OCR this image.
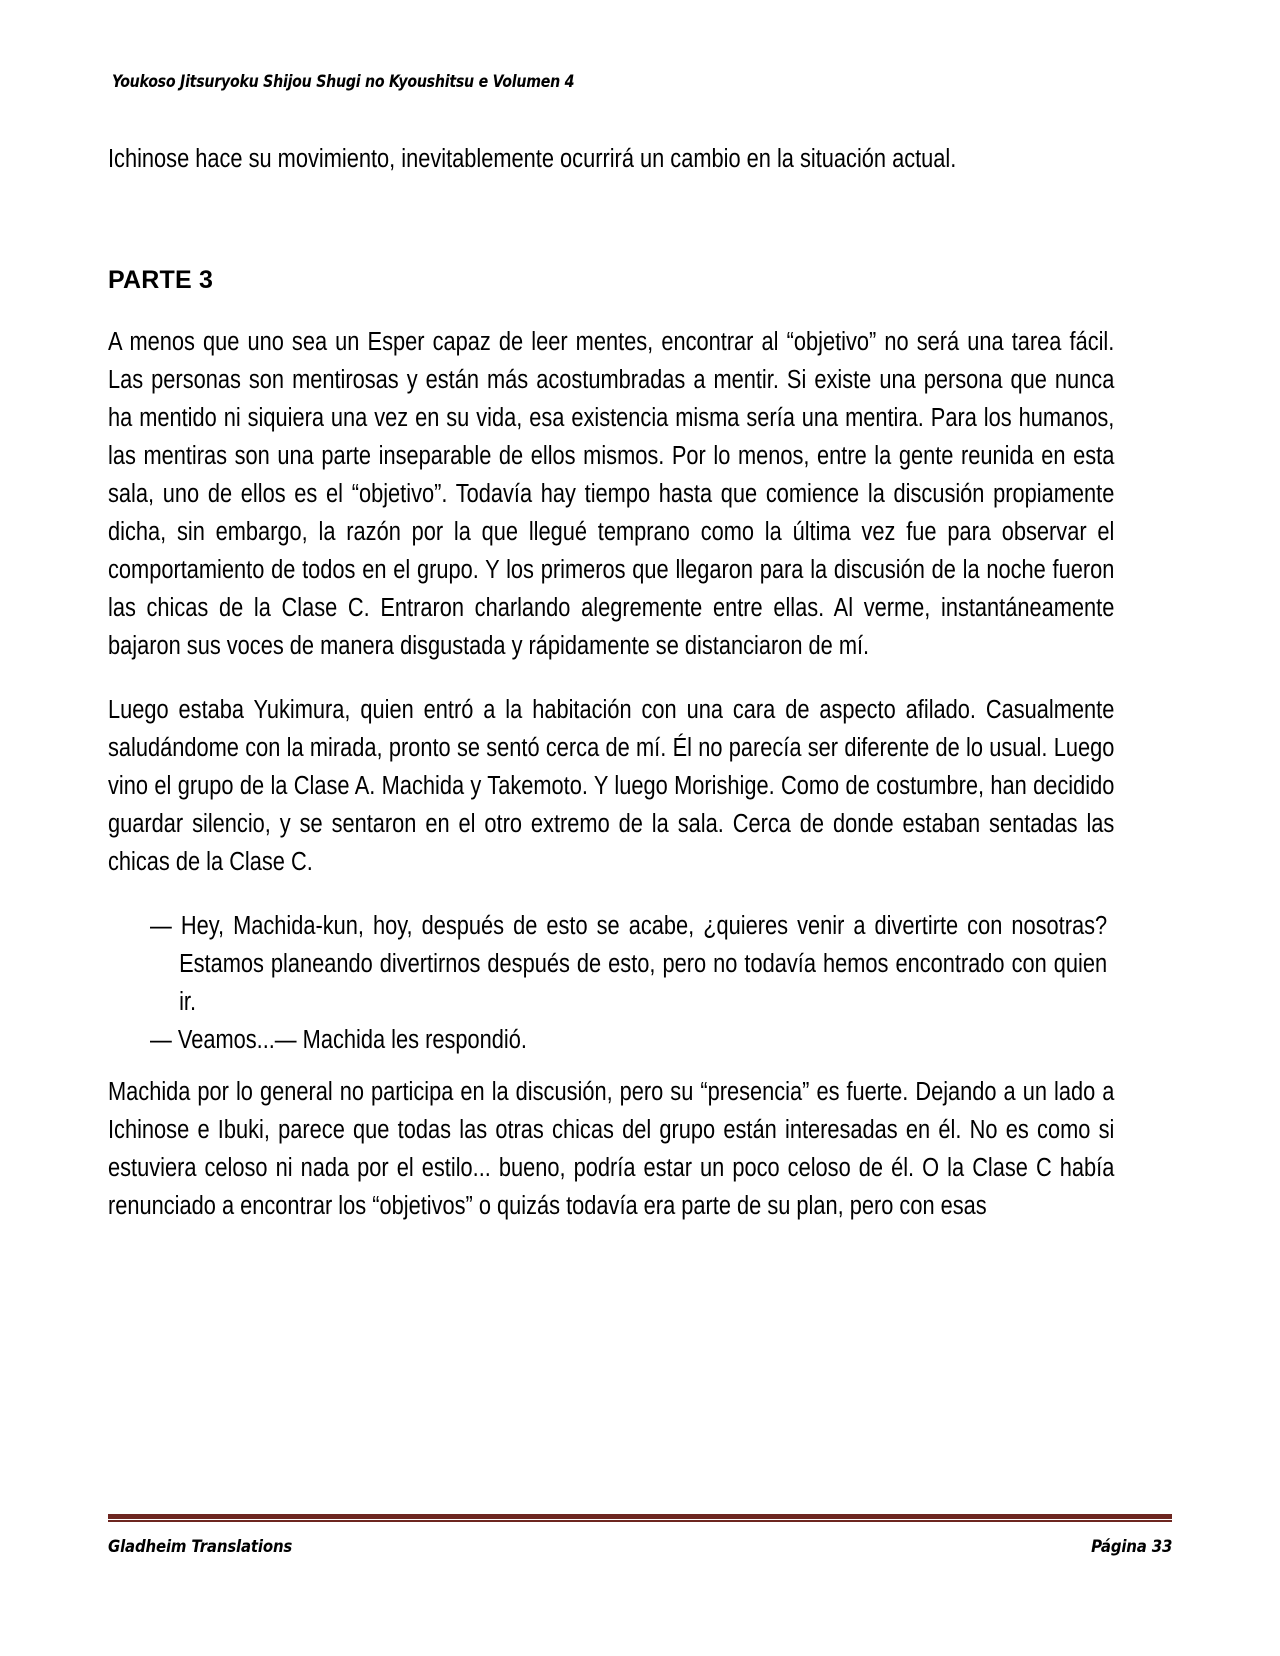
Youkoso Jitsuryoku Shijou Shugi no Kyoushitsu e Volumen 4

Ichinose hace su movimiento, inevitablemente ocurrirá un cambio en la situación actual.

PARTE 3

A menos que uno sea un Esper capaz de leer mentes, encontrar al “objetivo” no será una tarea fácil. Las personas son mentirosas y están más acostumbradas a mentir. Si existe una persona que nunca ha mentido ni siquiera una vez en su vida, esa existencia misma sería una mentira. Para los humanos, las mentiras son una parte inseparable de ellos mismos. Por lo menos, entre la gente reunida en esta sala, uno de ellos es el “objetivo”. Todavía hay tiempo hasta que comience la discusión propiamente dicha, sin embargo, la razón por la que llegué temprano como la última vez fue para observar el comportamiento de todos en el grupo. Y los primeros que llegaron para la discusión de la noche fueron las chicas de la Clase C. Entraron charlando alegremente entre ellas. Al verme, instantáneamente bajaron sus voces de manera disgustada y rápidamente se distanciaron de mí.

Luego estaba Yukimura, quien entró a la habitación con una cara de aspecto afilado. Casualmente saludándome con la mirada, pronto se sentó cerca de mí. Él no parecía ser diferente de lo usual. Luego vino el grupo de la Clase A. Machida y Takemoto. Y luego Morishige. Como de costumbre, han decidido guardar silencio, y se sentaron en el otro extremo de la sala. Cerca de donde estaban sentadas las chicas de la Clase C.

— Hey, Machida-kun, hoy, después de esto se acabe, ¿quieres venir a divertirte con nosotras? Estamos planeando divertirnos después de esto, pero no todavía hemos encontrado con quien ir.

— Veamos...— Machida les respondió.

Machida por lo general no participa en la discusión, pero su “presencia” es fuerte. Dejando a un lado a Ichinose e Ibuki, parece que todas las otras chicas del grupo están interesadas en él. No es como si estuviera celoso ni nada por el estilo... bueno, podría estar un poco celoso de él. O la Clase C había renunciado a encontrar los “objetivos” o quizás todavía era parte de su plan, pero con esas

Gladheim Translations	Página 33
